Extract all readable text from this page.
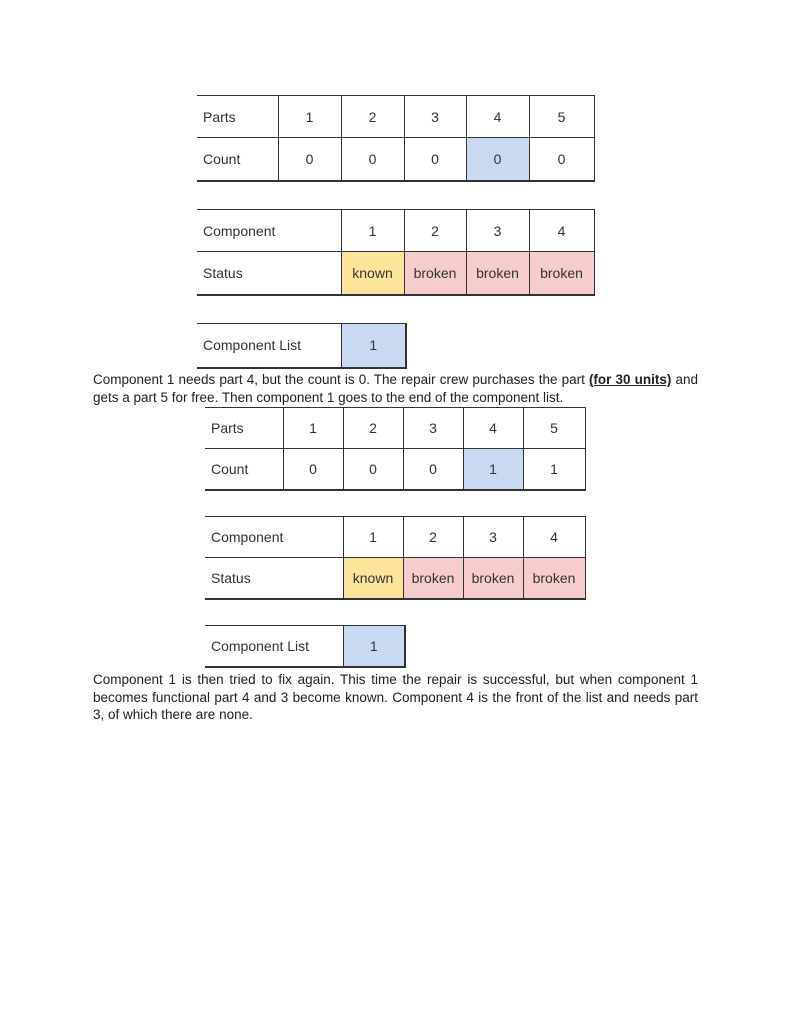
Parts	1	2	3	4	5
Count	0	0	0	0	0
Component	1	2	3	4
Status	known	broken	broken	broken
Component List	1
Component 1 needs part 4, but the count is 0. The repair crew purchases the part (for 30 units) and gets a part 5 for free. Then component 1 goes to the end of the component list.
Parts	1	2	3	4	5
Count	0	0	0	1	1
Component	1	2	3	4
Status	known	broken	broken	broken
Component List	1
Component 1 is then tried to fix again. This time the repair is successful, but when component 1 becomes functional part 4 and 3 become known. Component 4 is the front of the list and needs part 3, of which there are none.
